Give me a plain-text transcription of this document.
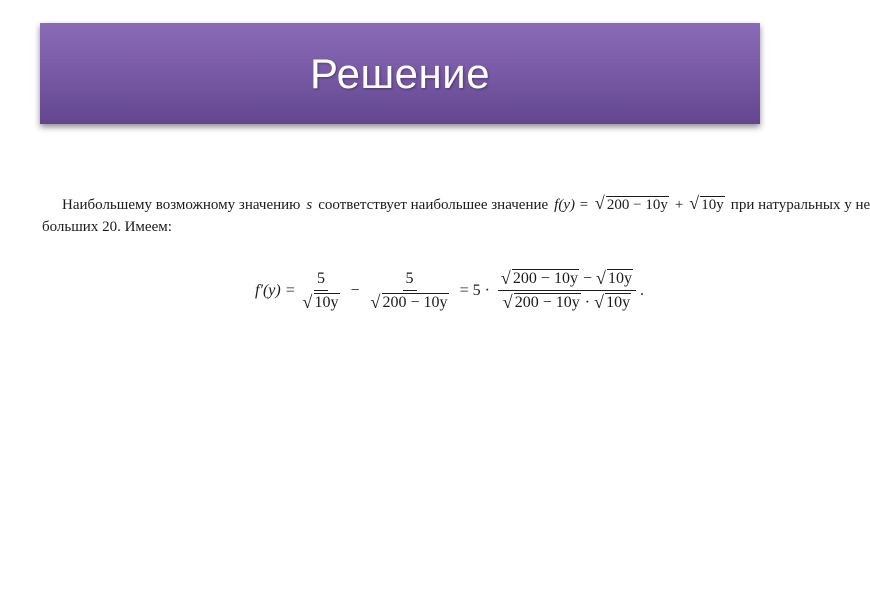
Решение
Наибольшему возможному значению s соответствует наибольшее значение f(y) =	√ 200 − 10y +	√ 10y при натуральных у не
больших 20. Имеем:
f′(y) = 5
√ 10y − 5
√ 200 − 10y = 5 · √ 200 − 10y − √ 10y
√ 200 − 10y · √ 10y .
